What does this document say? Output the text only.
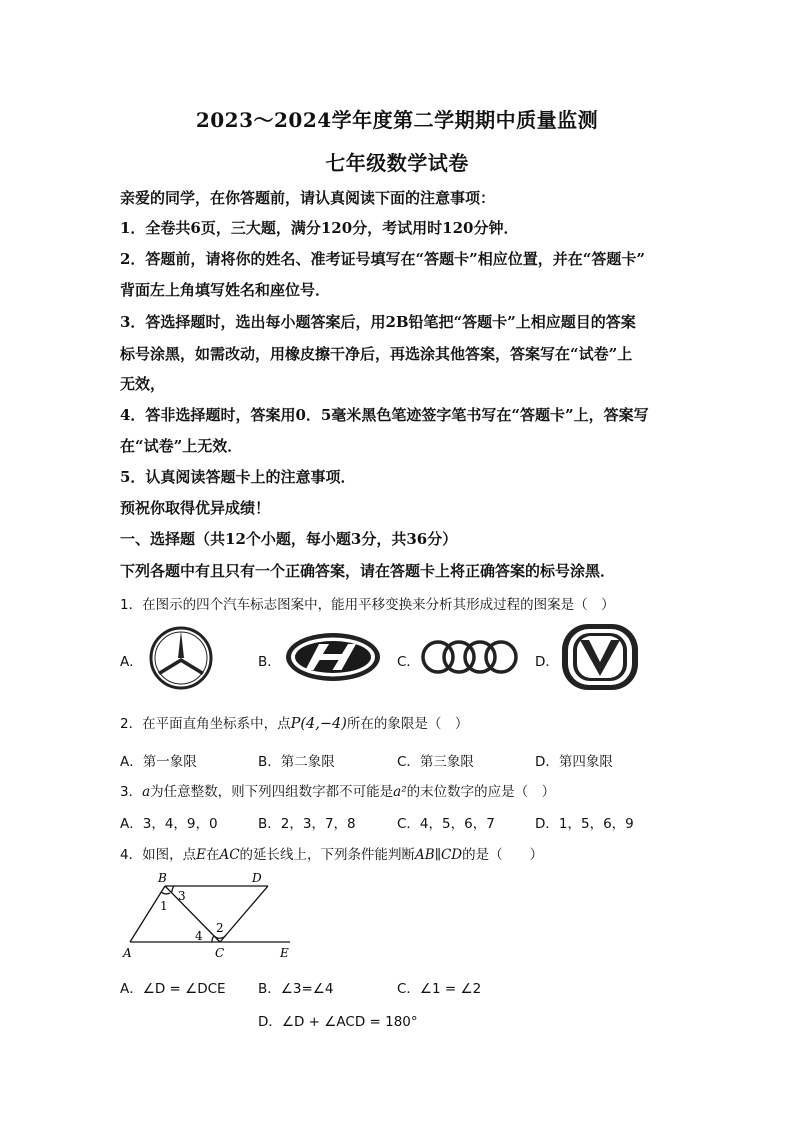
2023～2024学年度第二学期期中质量监测
七年级数学试卷
亲爱的同学，在你答题前，请认真阅读下面的注意事项：
1．全卷共6页，三大题，满分120分，考试用时120分钟．
2．答题前，请将你的姓名、准考证号填写在“答题卡”相应位置，并在“答题卡”
背面左上角填写姓名和座位号．
3．答选择题时，选出每小题答案后，用2B铅笔把“答题卡”上相应题目的答案
标号涂黑，如需改动，用橡皮擦干净后，再选涂其他答案，答案写在“试卷”上
无效，
4．答非选择题时，答案用0．5毫米黑色笔迹签字笔书写在“答题卡”上，答案写
在“试卷”上无效．
5．认真阅读答题卡上的注意事项．
预祝你取得优异成绩！
一、选择题（共12个小题，每小题3分，共36分）
下列各题中有且只有一个正确答案，请在答题卡上将正确答案的标号涂黑．
1．在图示的四个汽车标志图案中，能用平移变换来分析其形成过程的图案是（　）
A．	B．	C．	D．
2．在平面直角坐标系中，点P(4,−4)所在的象限是（　）
A．第一象限	B．第二象限	C．第三象限	D．第四象限
3．a为任意整数，则下列四组数字都不可能是a²的末位数字的应是（　）
A．3，4，9，0	B．2，3，7，8	C．4，5，6，7	D．1，5，6，9
4．如图，点E在AC的延长线上，下列条件能判断AB∥CD的是（　　）
B	D
A	C	E
1
2
3
4
A．∠D = ∠DCE B．∠3=∠4	C．∠1 = ∠2
D．∠D + ∠ACD = 180°
